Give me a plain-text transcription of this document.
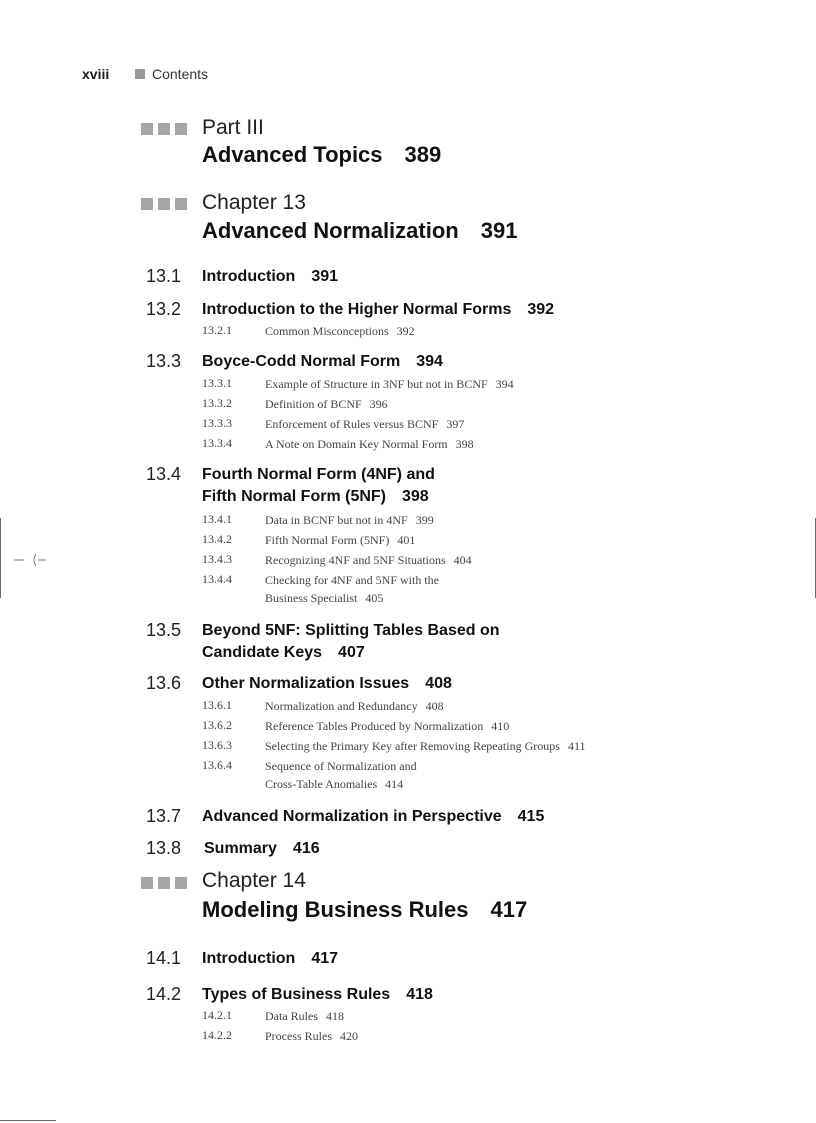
xviii	Contents
Part III
Advanced Topics 389
Chapter 13
Advanced Normalization 391
13.1	Introduction 391
13.2	Introduction to the Higher Normal Forms 392
13.2.1	Common Misconceptions 392
13.3	Boyce-Codd Normal Form 394
13.3.1	Example of Structure in 3NF but not in BCNF 394
13.3.2	Definition of BCNF 396
13.3.3	Enforcement of Rules versus BCNF 397
13.3.4	A Note on Domain Key Normal Form 398
13.4	Fourth Normal Form (4NF) and
Fifth Normal Form (5NF) 398
13.4.1	Data in BCNF but not in 4NF 399
13.4.2	Fifth Normal Form (5NF) 401
13.4.3	Recognizing 4NF and 5NF Situations 404
13.4.4	Checking for 4NF and 5NF with the
Business Specialist 405
13.5	Beyond 5NF: Splitting Tables Based on
Candidate Keys 407
13.6	Other Normalization Issues 408
13.6.1	Normalization and Redundancy 408
13.6.2	Reference Tables Produced by Normalization 410
13.6.3	Selecting the Primary Key after Removing Repeating Groups 411
13.6.4	Sequence of Normalization and
Cross-Table Anomalies 414
13.7	Advanced Normalization in Perspective 415
13.8	Summary 416
Chapter 14
Modeling Business Rules 417
14.1	Introduction 417
14.2	Types of Business Rules 418
14.2.1	Data Rules 418
14.2.2	Process Rules 420
